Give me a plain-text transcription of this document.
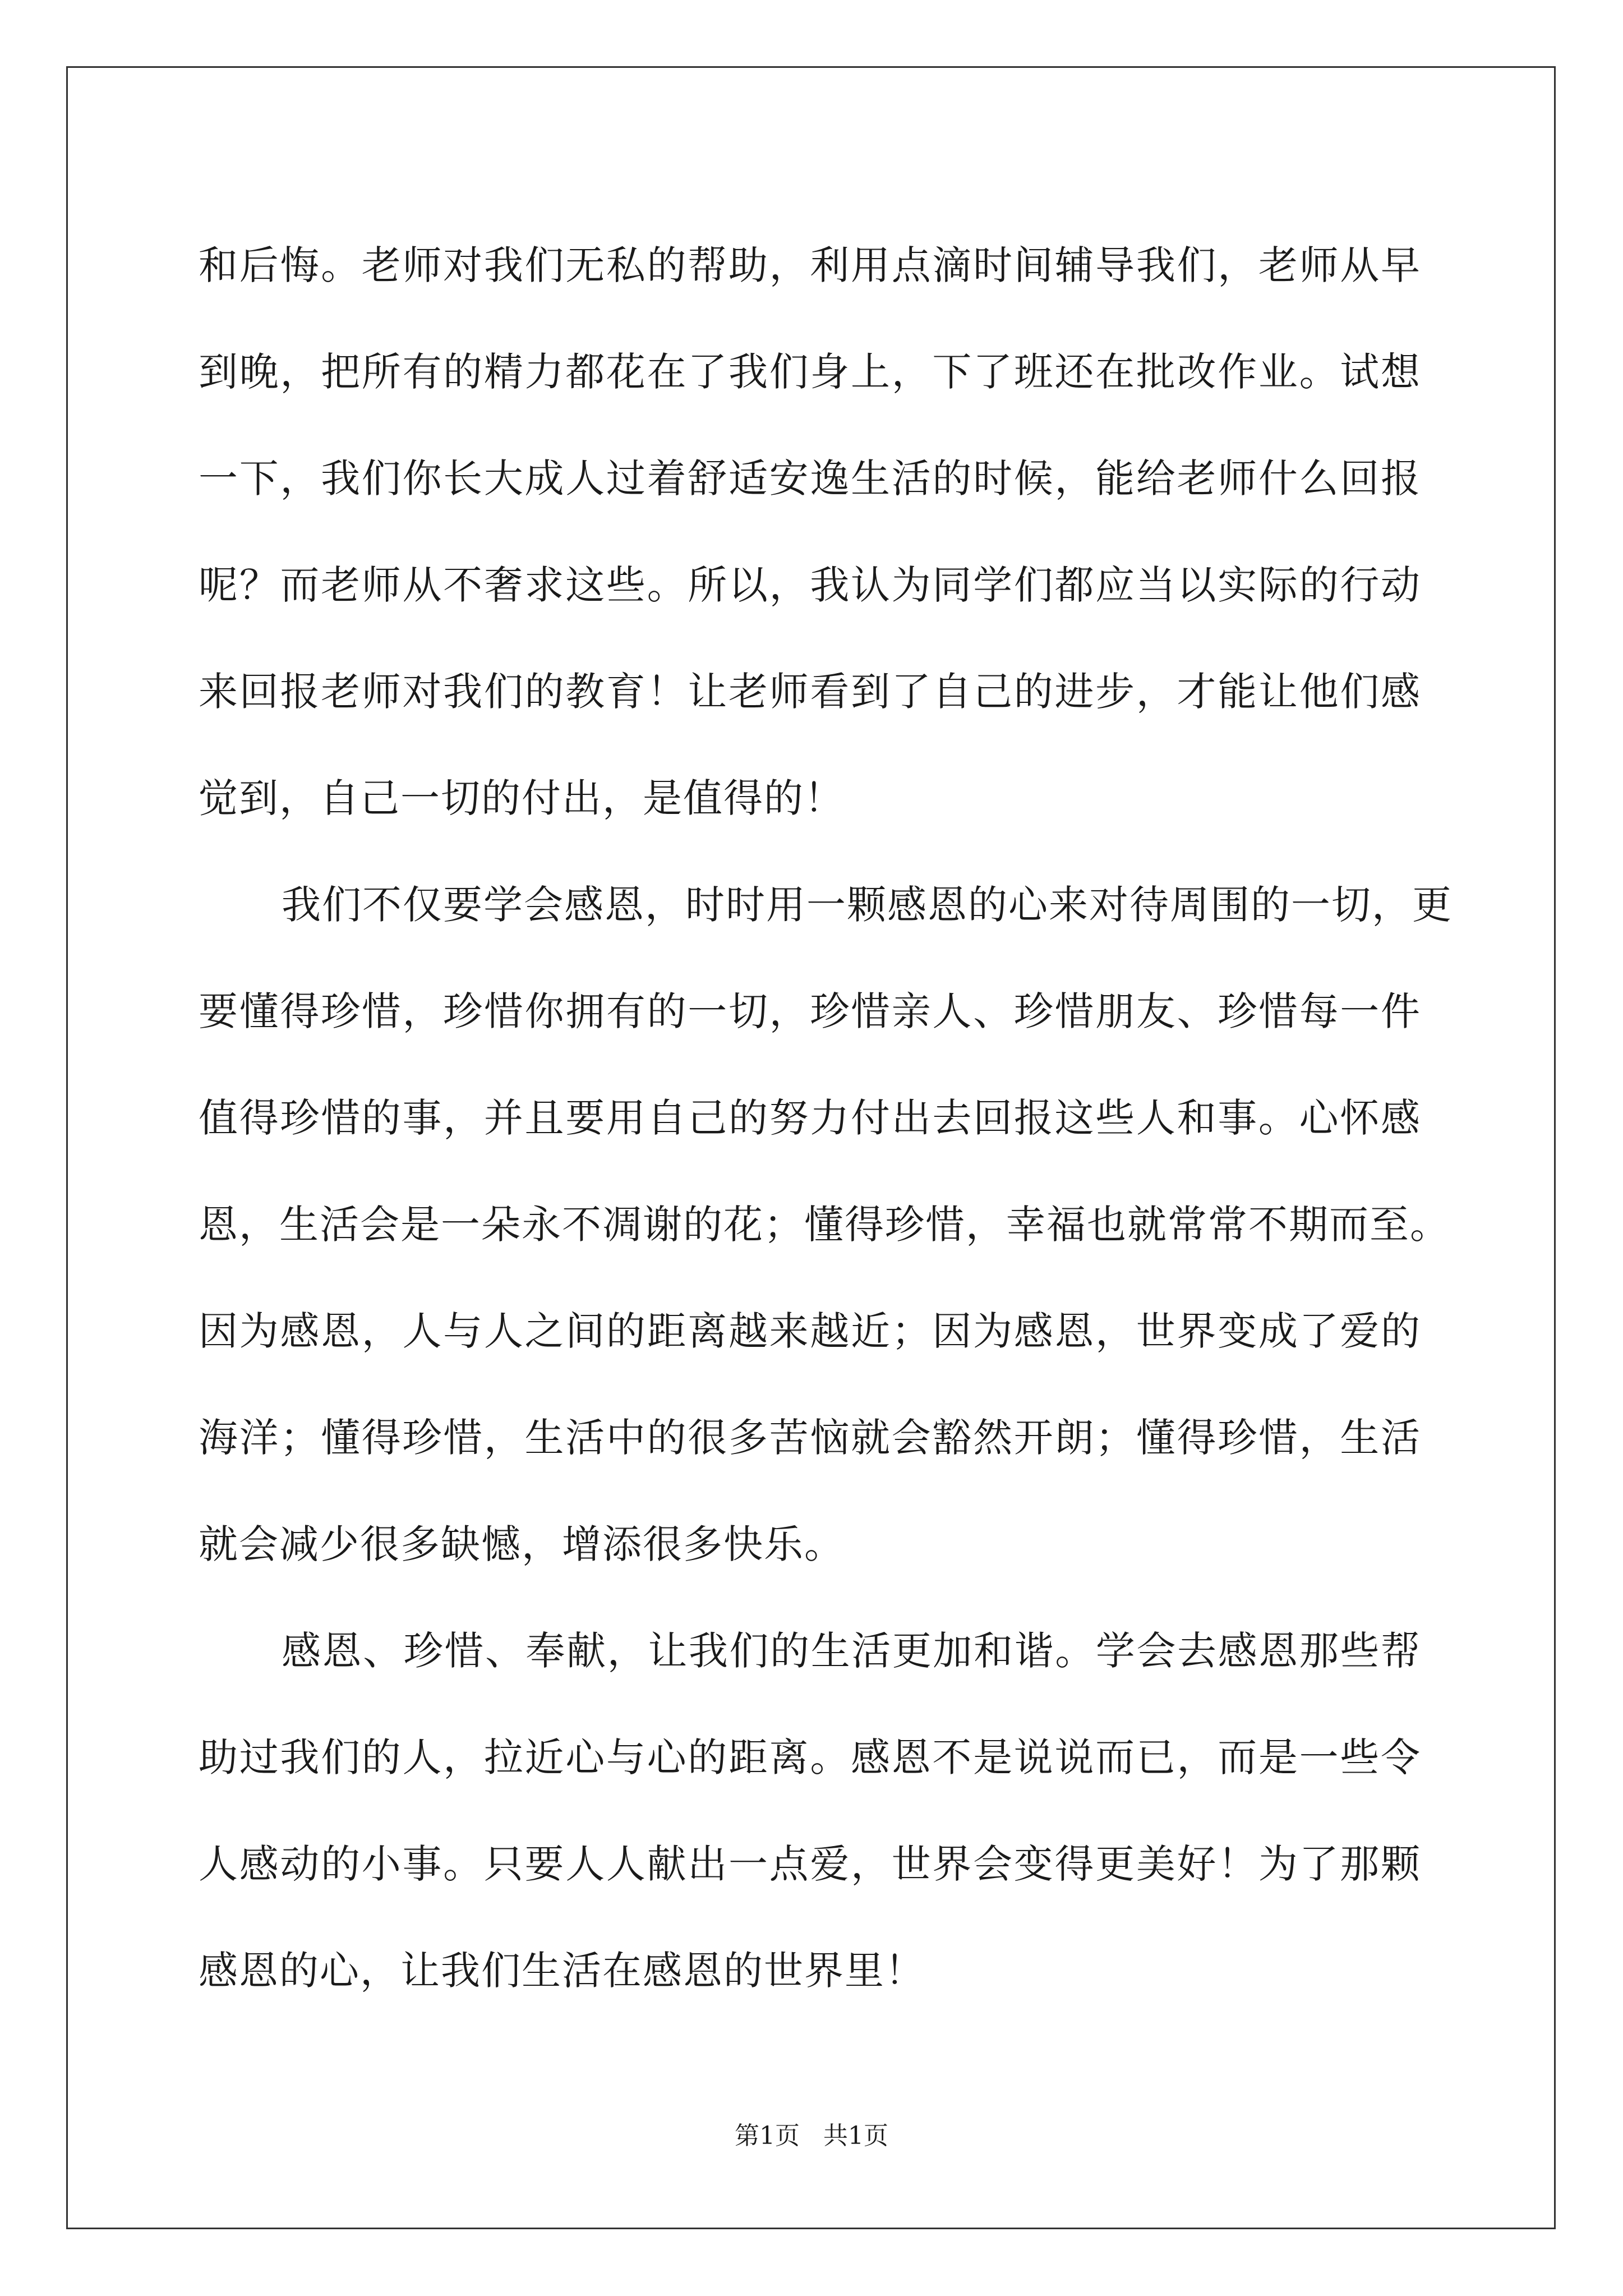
和后悔。老师对我们无私的帮助，利用点滴时间辅导我们，老师从早
到晚，把所有的精力都花在了我们身上，下了班还在批改作业。试想
一下，我们你长大成人过着舒适安逸生活的时候，能给老师什么回报
呢？而老师从不奢求这些。所以，我认为同学们都应当以实际的行动
来回报老师对我们的教育！让老师看到了自己的进步，才能让他们感
觉到，自己一切的付出，是值得的！
我们不仅要学会感恩，时时用一颗感恩的心来对待周围的一切，更
要懂得珍惜，珍惜你拥有的一切，珍惜亲人、珍惜朋友、珍惜每一件
值得珍惜的事，并且要用自己的努力付出去回报这些人和事。心怀感
恩，生活会是一朵永不凋谢的花；懂得珍惜，幸福也就常常不期而至。
因为感恩，人与人之间的距离越来越近；因为感恩，世界变成了爱的
海洋；懂得珍惜，生活中的很多苦恼就会豁然开朗；懂得珍惜，生活
就会减少很多缺憾，增添很多快乐。
感恩、珍惜、奉献，让我们的生活更加和谐。学会去感恩那些帮
助过我们的人，拉近心与心的距离。感恩不是说说而已，而是一些令
人感动的小事。只要人人献出一点爱，世界会变得更美好！为了那颗
感恩的心，让我们生活在感恩的世界里！
第1页 共1页
